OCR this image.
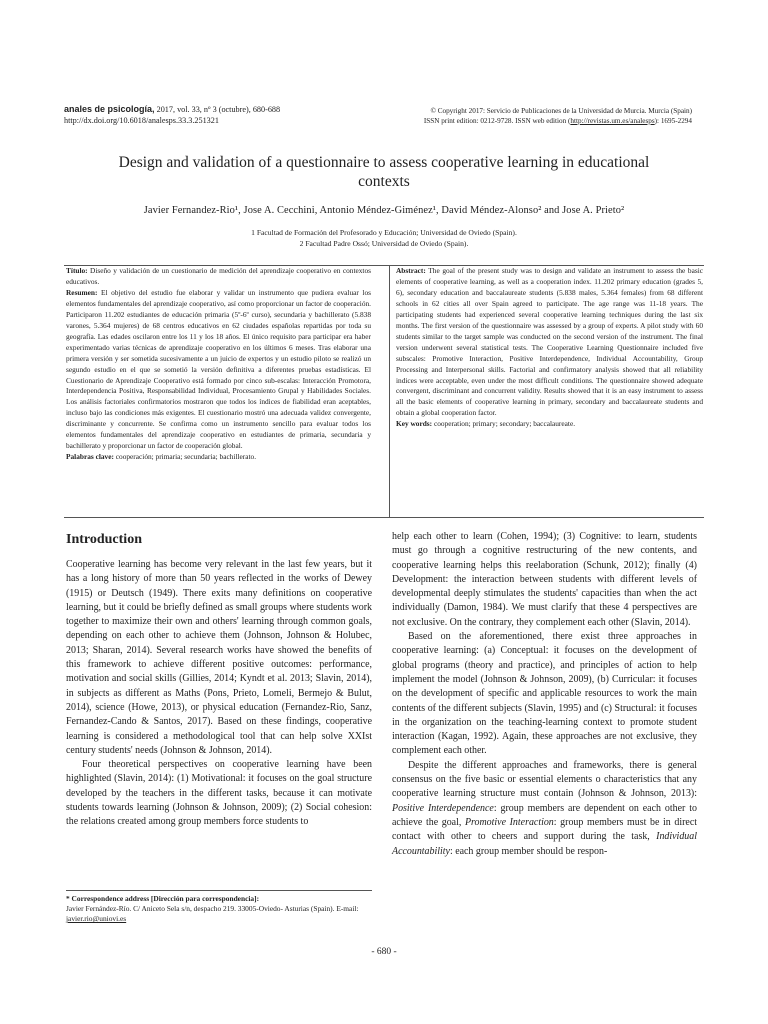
anales de psicología, 2017, vol. 33, nº 3 (octubre), 680-688
http://dx.doi.org/10.6018/analesps.33.3.251321
© Copyright 2017: Servicio de Publicaciones de la Universidad de Murcia. Murcia (Spain)
ISSN print edition: 0212-9728. ISSN web edition (http://revistas.um.es/analesps): 1695-2294
Design and validation of a questionnaire to assess cooperative learning in educational contexts
Javier Fernandez-Rio¹, Jose A. Cecchini, Antonio Méndez-Giménez¹, David Méndez-Alonso² and Jose A. Prieto²
1 Facultad de Formación del Profesorado y Educación; Universidad de Oviedo (Spain).
2 Facultad Padre Ossó; Universidad de Oviedo (Spain).
Título: Diseño y validación de un cuestionario de medición del aprendizaje cooperativo en contextos educativos.
Resumen: El objetivo del estudio fue elaborar y validar un instrumento que pudiera evaluar los elementos fundamentales del aprendizaje cooperativo, así como proporcionar un factor de cooperación. Participaron 11.202 estudiantes de educación primaria (5º-6º curso), secundaria y bachillerato (5.838 varones, 5.364 mujeres) de 68 centros educativos en 62 ciudades españolas repartidas por toda su geografía. Las edades oscilaron entre los 11 y los 18 años. El único requisito para participar era haber experimentado varias técnicas de aprendizaje cooperativo en los últimos 6 meses. Tras elaborar una primera versión y ser sometida sucesivamente a un juicio de expertos y un estudio piloto se realizó un segundo estudio en el que se sometió la versión definitiva a diferentes pruebas estadísticas. El Cuestionario de Aprendizaje Cooperativo está formado por cinco sub-escalas: Interacción Promotora, Interdependencia Positiva, Responsabilidad Individual, Procesamiento Grupal y Habilidades Sociales. Los análisis factoriales confirmatorios mostraron que todos los índices de fiabilidad eran aceptables, incluso bajo las condiciones más exigentes. El cuestionario mostró una adecuada validez convergente, discriminante y concurrente. Se confirma como un instrumento sencillo para evaluar todos los elementos fundamentales del aprendizaje cooperativo en estudiantes de primaria, secundaria y bachillerato y proporcionar un factor de cooperación global.
Palabras clave: cooperación; primaria; secundaria; bachillerato.
Abstract: The goal of the present study was to design and validate an instrument to assess the basic elements of cooperative learning, as well as a cooperation index. 11.202 primary education (grades 5, 6), secondary education and baccalaureate students (5.838 males, 5.364 females) from 68 different schools in 62 cities all over Spain agreed to participate. The age range was 11-18 years. The participating students had experienced several cooperative learning techniques during the last six months. The first version of the questionnaire was assessed by a group of experts. A pilot study with 60 students similar to the target sample was conducted on the second version of the instrument. The final version underwent several statistical tests. The Cooperative Learning Questionnaire included five subscales: Promotive Interaction, Positive Interdependence, Individual Accountability, Group Processing and Interpersonal skills. Factorial and confirmatory analysis showed that all reliability indices were acceptable, even under the most difficult conditions. The questionnaire showed adequate convergent, discriminant and concurrent validity. Results showed that it is an easy instrument to assess all the basic elements of cooperative learning in primary, secondary and baccalaureate students and obtain a global cooperation factor.
Key words: cooperation; primary; secondary; baccalaureate.
Introduction

Cooperative learning has become very relevant in the last few years, but it has a long history of more than 50 years reflected in the works of Dewey (1915) or Deutsch (1949). There exits many definitions on cooperative learning, but it could be briefly defined as small groups where students work together to maximize their own and others' learning through common goals, depending on each other to achieve them (Johnson, Johnson & Holubec, 2013; Sharan, 2014). Several research works have showed the benefits of this framework to achieve different positive outcomes: performance, motivation and social skills (Gillies, 2014; Kyndt et al. 2013; Slavin, 2014), in subjects as different as Maths (Pons, Prieto, Lomeli, Bermejo & Bulut, 2014), science (Howe, 2013), or physical education (Fernandez-Rio, Sanz, Fernandez-Cando & Santos, 2017). Based on these findings, cooperative learning is considered a methodological tool that can help solve XXIst century students' needs (Johnson & Johnson, 2014).

Four theoretical perspectives on cooperative learning have been highlighted (Slavin, 2014): (1) Motivational: it focuses on the goal structure developed by the teachers in the different tasks, because it can motivate students towards learning (Johnson & Johnson, 2009); (2) Social cohesion: the relations created among group members force students to

help each other to learn (Cohen, 1994); (3) Cognitive: to learn, students must go through a cognitive restructuring of the new contents, and cooperative learning helps this reelaboration (Schunk, 2012); finally (4) Development: the interaction between students with different levels of developmental deeply stimulates the students' capacities than when the act individually (Damon, 1984). We must clarify that these 4 perspectives are not exclusive. On the contrary, they complement each other (Slavin, 2014).

Based on the aforementioned, there exist three approaches in cooperative learning: (a) Conceptual: it focuses on the development of global programs (theory and practice), and principles of action to help implement the model (Johnson & Johnson, 2009), (b) Curricular: it focuses on the development of specific and applicable resources to work the main contents of the different subjects (Slavin, 1995) and (c) Structural: it focuses in the organization on the teaching-learning context to promote student interaction (Kagan, 1992). Again, these approaches are not exclusive, they complement each other.

Despite the different approaches and frameworks, there is general consensus on the five basic or essential elements o characteristics that any cooperative learning structure must contain (Johnson & Johnson, 2013): Positive Interdependence: group members are dependent on each other to achieve the goal, Promotive Interaction: group members must be in direct contact with other to cheers and support during the task, Individual Accountability: each group member should be respon-

* Correspondence address [Dirección para correspondencia]:
Javier Fernández-Río. C/ Aniceto Sela s/n, despacho 219. 33005-Oviedo- Asturias (Spain). E-mail: javier.rio@uniovi.es
- 680 -
